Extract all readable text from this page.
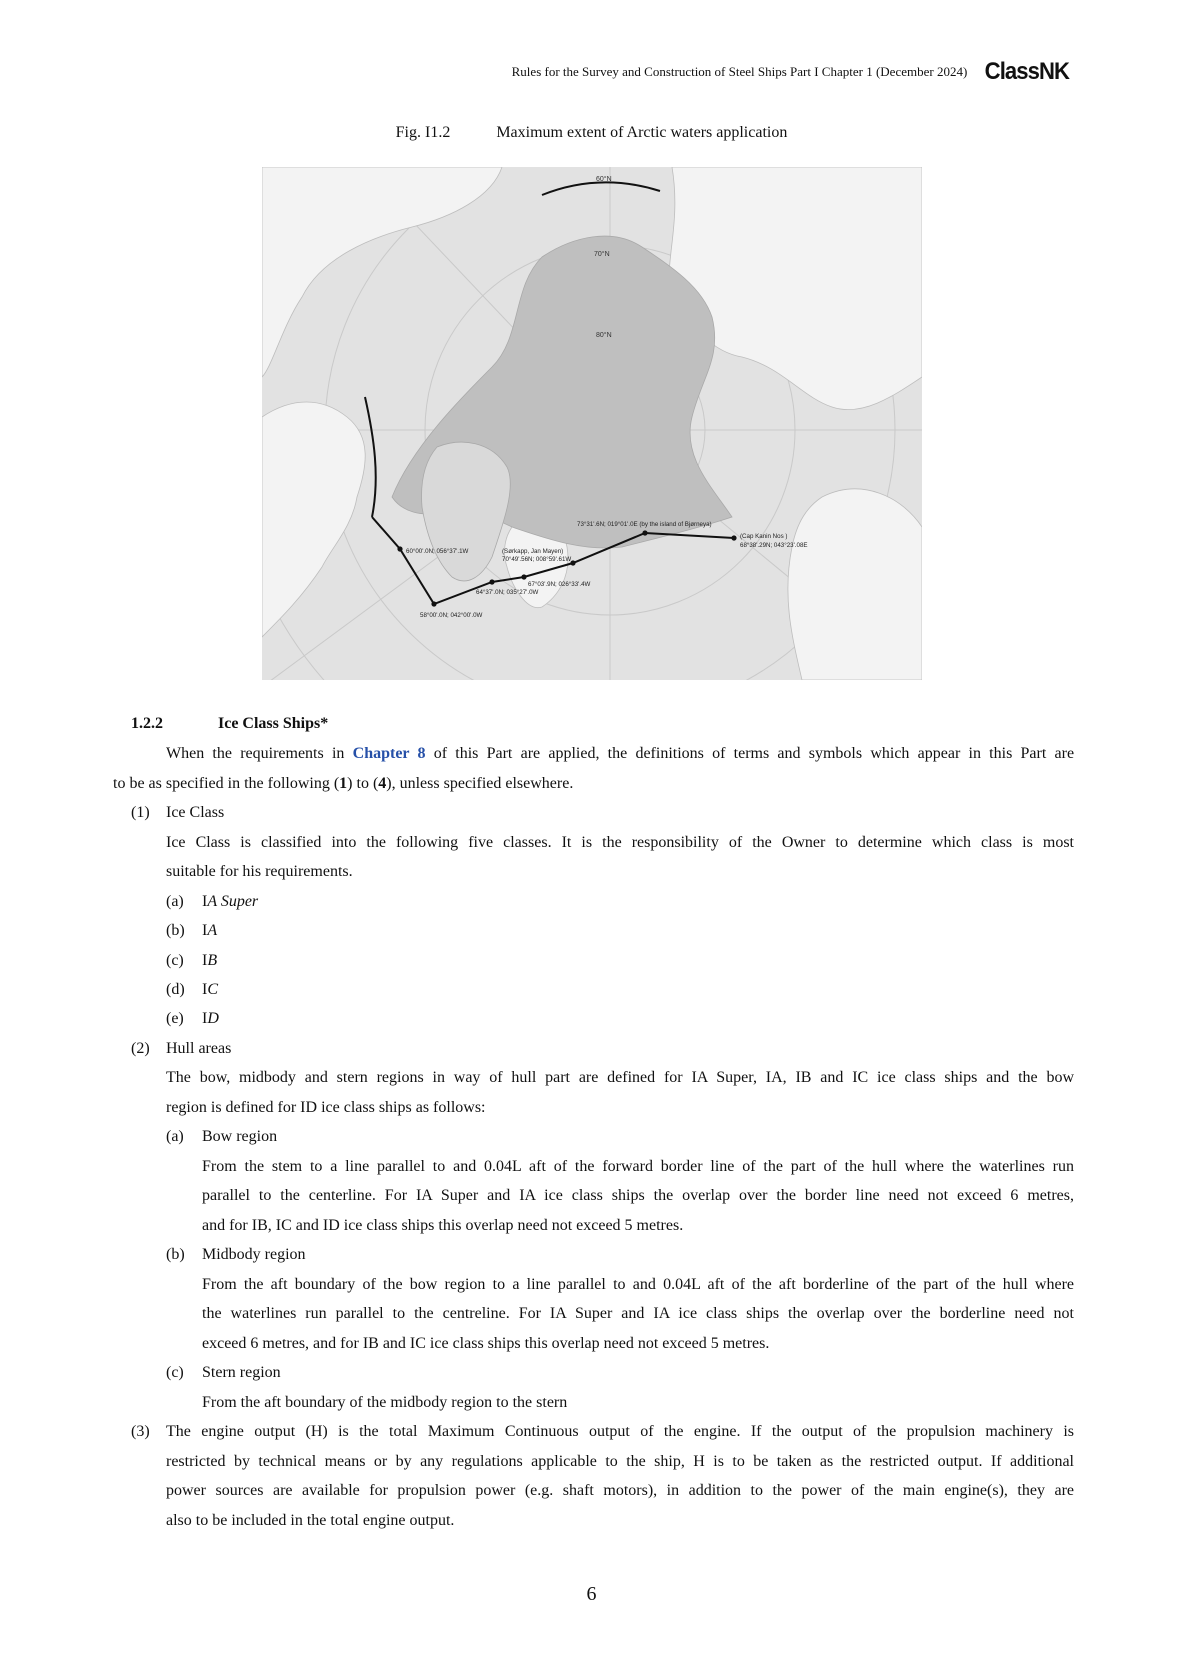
Rules for the Survey and Construction of Steel Ships Part I Chapter 1 (December 2024) ClassNK
Fig. I1.2	Maximum extent of Arctic waters application
60°N
70°N
80°N
60°00'.0N; 056°37'.1W
58°00'.0N; 042°00'.0W
64°37'.0N; 035°27'.0W
67°03'.9N; 026°33'.4W
(Sørkapp, Jan Mayen)
70°49'.56N; 008°59'.61W
73°31'.6N; 019°01'.0E (by the island of Bjørneya)
(Cap Kanin Nos )
68°38'.29N; 043°23'.08E
1.2.2	Ice Class Ships*
When the requirements in Chapter 8 of this Part are applied, the definitions of terms and symbols which appear in this Part are
to be as specified in the following (1) to (4), unless specified elsewhere.
(1) Ice Class
Ice Class is classified into the following five classes. It is the responsibility of the Owner to determine which class is most
suitable for his requirements.
(a) IA Super
(b) IA
(c) IB
(d) IC
(e) ID
(2) Hull areas
The bow, midbody and stern regions in way of hull part are defined for IA Super, IA, IB and IC ice class ships and the bow
region is defined for ID ice class ships as follows:
(a) Bow region
From the stem to a line parallel to and 0.04L aft of the forward border line of the part of the hull where the waterlines run
parallel to the centerline. For IA Super and IA ice class ships the overlap over the border line need not exceed 6 metres,
and for IB, IC and ID ice class ships this overlap need not exceed 5 metres.
(b) Midbody region
From the aft boundary of the bow region to a line parallel to and 0.04L aft of the aft borderline of the part of the hull where
the waterlines run parallel to the centreline. For IA Super and IA ice class ships the overlap over the borderline need not
exceed 6 metres, and for IB and IC ice class ships this overlap need not exceed 5 metres.
(c) Stern region
From the aft boundary of the midbody region to the stern
(3) The engine output (H) is the total Maximum Continuous output of the engine. If the output of the propulsion machinery is
restricted by technical means or by any regulations applicable to the ship, H is to be taken as the restricted output. If additional
power sources are available for propulsion power (e.g. shaft motors), in addition to the power of the main engine(s), they are
also to be included in the total engine output.
6
